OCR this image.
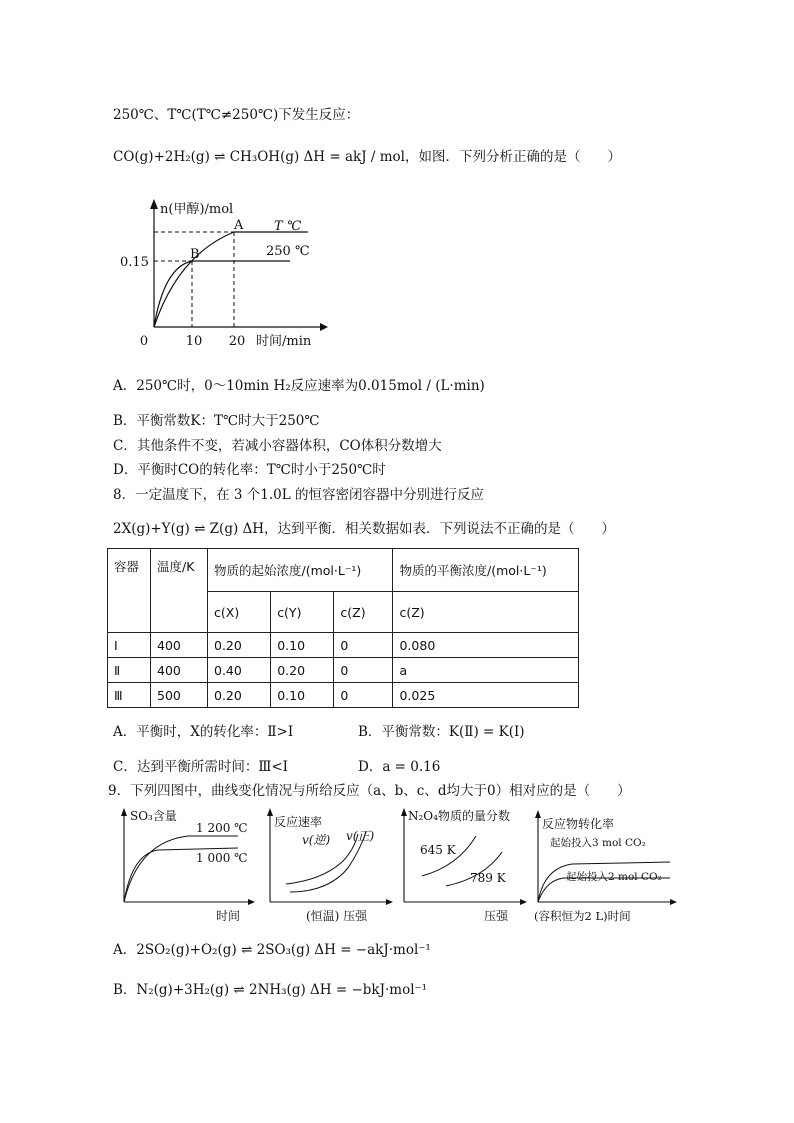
250℃、T℃(T℃≠250℃)下发生反应：
CO(g)+2H₂(g) ⇌ CH₃OH(g) ΔH = akJ / mol，如图．下列分析正确的是（　　）
n(甲醇)/mol
0	10 20 时间/min
0.15
A
B
T ℃
250 ℃
A．250℃时，0～10min H₂反应速率为0.015mol / (L·min)
B．平衡常数K：T℃时大于250℃
C．其他条件不变，若减小容器体积，CO体积分数增大
D．平衡时CO的转化率：T℃时小于250℃时
8．一定温度下，在 3 个1.0L 的恒容密闭容器中分别进行反应
2X(g)+Y(g) ⇌ Z(g) ΔH，达到平衡．相关数据如表．下列说法不正确的是（　　）
容器	温度/K	物质的起始浓度/(mol·L⁻¹)			物质的平衡浓度/(mol·L⁻¹)
		c(X)	c(Y)	c(Z)	c(Z)
Ⅰ	400	0.20	0.10	0	0.080
Ⅱ	400	0.40	0.20	0	a
Ⅲ	500	0.20	0.10	0	0.025
A．平衡时，X的转化率：Ⅱ>I	B．平衡常数：K(Ⅱ) = K(Ⅰ)
C．达到平衡所需时间：Ⅲ<I	D．a = 0.16
9．下列四图中，曲线变化情况与所给反应（a、b、c、d均大于0）相对应的是（　　）
SO₃含量
1 200 ℃
1 000 ℃
时间
反应速率
v(逆) v(正)
(恒温) 压强
N₂O₄物质的量分数
645 K
789 K
压强
反应物转化率
起始投入3 mol CO₂
起始投入2 mol CO₂
(容积恒为2 L)时间
A．2SO₂(g)+O₂(g) ⇌ 2SO₃(g) ΔH = −akJ·mol⁻¹
B．N₂(g)+3H₂(g) ⇌ 2NH₃(g) ΔH = −bkJ·mol⁻¹
